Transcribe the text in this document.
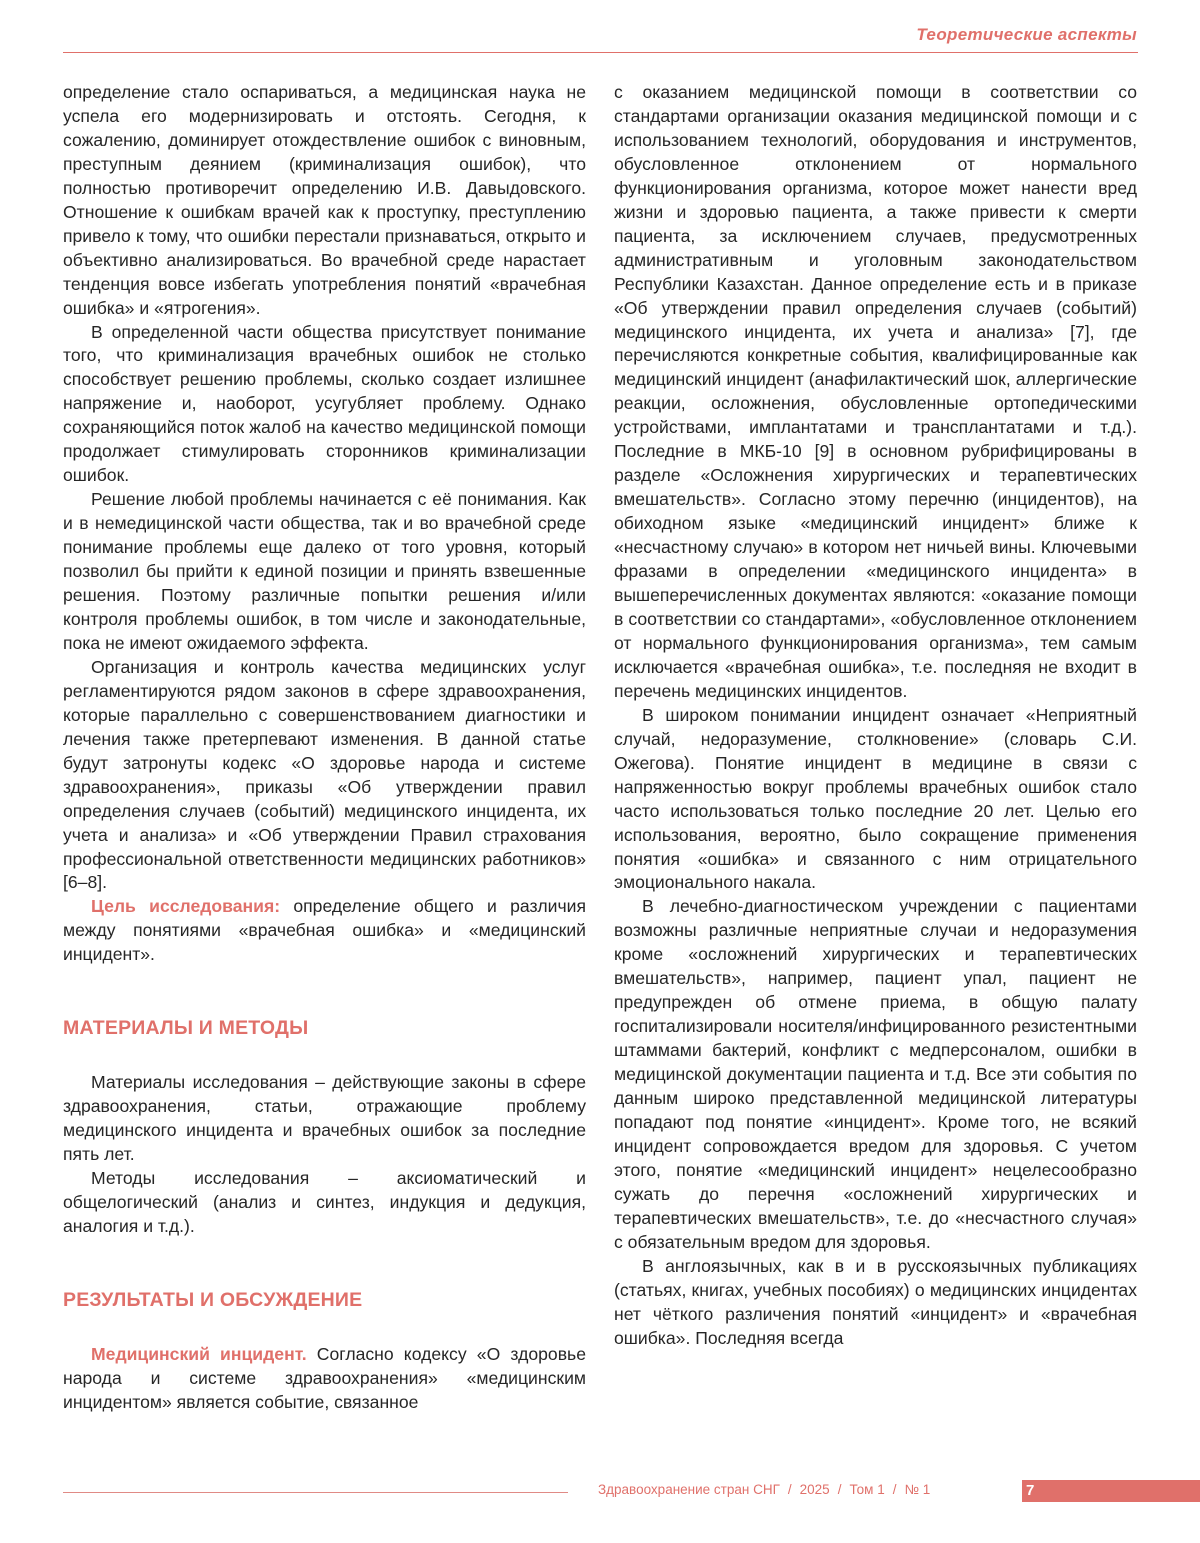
Теоретические аспекты

определение стало оспариваться, а медицинская наука не успела его модернизировать и отстоять. Сегодня, к сожалению, доминирует отождествление ошибок с виновным, преступным деянием (криминализация ошибок), что полностью противоречит определению И.В. Давыдовского. Отношение к ошибкам врачей как к проступку, преступлению привело к тому, что ошибки перестали признаваться, открыто и объективно анализироваться. Во врачебной среде нарастает тенденция вовсе избегать употребления понятий «врачебная ошибка» и «ятрогения».

В определенной части общества присутствует понимание того, что криминализация врачебных ошибок не столько способствует решению проблемы, сколько создает излишнее напряжение и, наоборот, усугубляет проблему. Однако сохраняющийся поток жалоб на качество медицинской помощи продолжает стимулировать сторонников криминализации ошибок.

Решение любой проблемы начинается с её понимания. Как и в немедицинской части общества, так и во врачебной среде понимание проблемы еще далеко от того уровня, который позволил бы прийти к единой позиции и принять взвешенные решения. Поэтому различные попытки решения и/или контроля проблемы ошибок, в том числе и законодательные, пока не имеют ожидаемого эффекта.

Организация и контроль качества медицинских услуг регламентируются рядом законов в сфере здравоохранения, которые параллельно с совершенствованием диагностики и лечения также претерпевают изменения. В данной статье будут затронуты кодекс «О здоровье народа и системе здравоохранения», приказы «Об утверждении правил определения случаев (событий) медицинского инцидента, их учета и анализа» и «Об утверждении Правил страхования профессиональной ответственности медицинских работников» [6–8].

Цель исследования: определение общего и различия между понятиями «врачебная ошибка» и «медицинский инцидент».

МАТЕРИАЛЫ И МЕТОДЫ

Материалы исследования – действующие законы в сфере здравоохранения, статьи, отражающие проблему медицинского инцидента и врачебных ошибок за последние пять лет.

Методы исследования – аксиоматический и общелогический (анализ и синтез, индукция и дедукция, аналогия и т.д.).

РЕЗУЛЬТАТЫ И ОБСУЖДЕНИЕ

Медицинский инцидент. Согласно кодексу «О здоровье народа и системе здравоохранения» «медицинским инцидентом» является событие, связанное

с оказанием медицинской помощи в соответствии со стандартами организации оказания медицинской помощи и с использованием технологий, оборудования и инструментов, обусловленное отклонением от нормального функционирования организма, которое может нанести вред жизни и здоровью пациента, а также привести к смерти пациента, за исключением случаев, предусмотренных административным и уголовным законодательством Республики Казахстан. Данное определение есть и в приказе «Об утверждении правил определения случаев (событий) медицинского инцидента, их учета и анализа» [7], где перечисляются конкретные события, квалифицированные как медицинский инцидент (анафилактический шок, аллергические реакции, осложнения, обусловленные ортопедическими устройствами, имплантатами и трансплантатами и т.д.). Последние в МКБ-10 [9] в основном рубрифицированы в разделе «Осложнения хирургических и терапевтических вмешательств». Согласно этому перечню (инцидентов), на обиходном языке «медицинский инцидент» ближе к «несчастному случаю» в котором нет ничьей вины. Ключевыми фразами в определении «медицинского инцидента» в вышеперечисленных документах являются: «оказание помощи в соответствии со стандартами», «обусловленное отклонением от нормального функционирования организма», тем самым исключается «врачебная ошибка», т.е. последняя не входит в перечень медицинских инцидентов.

В широком понимании инцидент означает «Неприятный случай, недоразумение, столкновение» (словарь С.И. Ожегова). Понятие инцидент в медицине в связи с напряженностью вокруг проблемы врачебных ошибок стало часто использоваться только последние 20 лет. Целью его использования, вероятно, было сокращение применения понятия «ошибка» и связанного с ним отрицательного эмоционального накала.

В лечебно-диагностическом учреждении с пациентами возможны различные неприятные случаи и недоразумения кроме «осложнений хирургических и терапевтических вмешательств», например, пациент упал, пациент не предупрежден об отмене приема, в общую палату госпитализировали носителя/инфицированного резистентными штаммами бактерий, конфликт с медперсоналом, ошибки в медицинской документации пациента и т.д. Все эти события по данным широко представленной медицинской литературы попадают под понятие «инцидент». Кроме того, не всякий инцидент сопровождается вредом для здоровья. С учетом этого, понятие «медицинский инцидент» нецелесообразно сужать до перечня «осложнений хирургических и терапевтических вмешательств», т.е. до «несчастного случая» с обязательным вредом для здоровья.

В англоязычных, как в и в русскоязычных публикациях (статьях, книгах, учебных пособиях) о медицинских инцидентах нет чёткого различения понятий «инцидент» и «врачебная ошибка». Последняя всегда

Здравоохранение стран СНГ / 2025 / Том 1 / № 1	7
